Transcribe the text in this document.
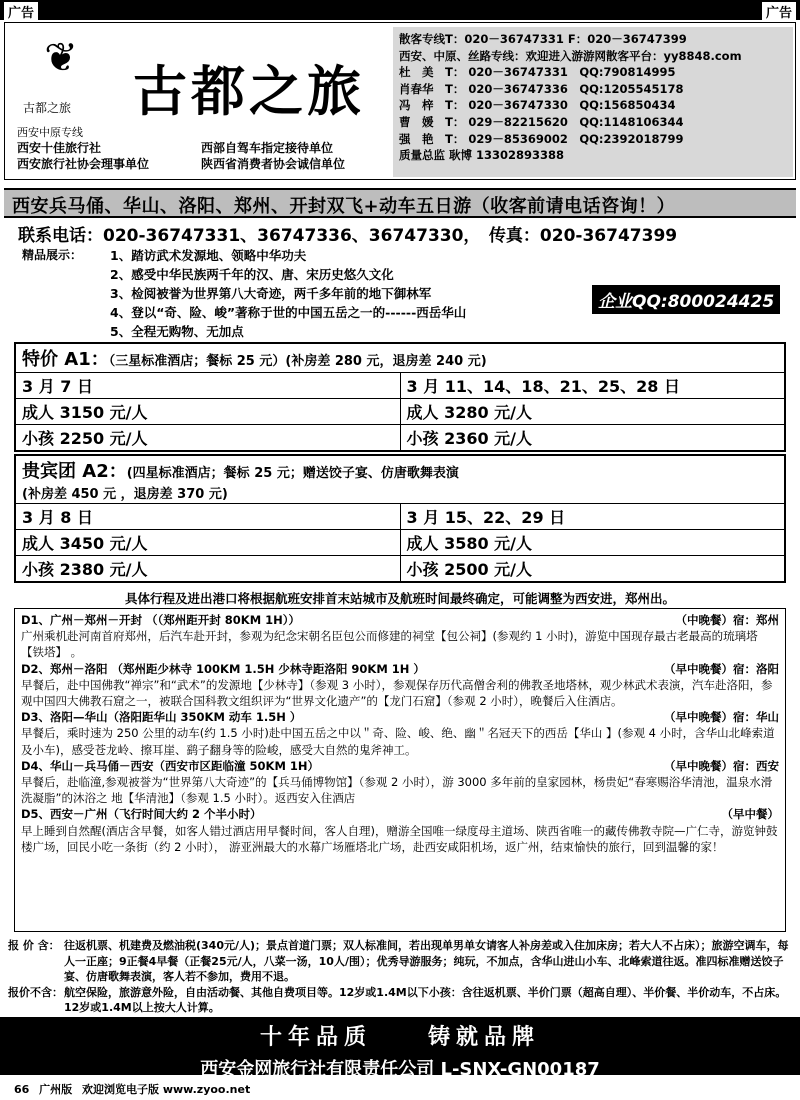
广告	广告
❦
古都之旅 古都之旅
西安中原专线
西安十佳旅行社	西部自驾车指定接待单位
西安旅行社协会理事单位	陕西省消费者协会诚信单位
散客专线T：020－36747331 F：020－36747399
西安、中原、丝路专线：欢迎进入游游网散客平台：yy8848.com
杜　美　T： 020－36747331　QQ:790814995
肖春华　T： 020－36747336　QQ:1205545178
冯　梓　T： 020－36747330　QQ:156850434
曹　媛　T： 029－82215620　QQ:1148106344
强　艳　T： 029－85369002　QQ:2392018799
质量总监 耿博 13302893388
西安兵马俑、华山、洛阳、郑州、开封双飞+动车五日游（收客前请电话咨询！）
联系电话：020-36747331、36747336、36747330，　传真：020-36747399
精品展示： 1、踏访武术发源地、领略中华功夫
2、感受中华民族两千年的汉、唐、宋历史悠久文化
3、检阅被誉为世界第八大奇迹，两千多年前的地下御林军
4、登以“奇、险、峻”著称于世的中国五岳之一的------西岳华山
5、全程无购物、无加点
企业QQ:800024425
特价 A1：（三星标准酒店；餐标 25 元）(补房差 280 元，退房差 240 元)	
3 月 7 日	3 月 11、14、18、21、25、28 日
成人 3150 元/人	成人 3280 元/人
小孩 2250 元/人	小孩 2360 元/人
贵宾团 A2：(四星标准酒店；餐标 25 元；赠送饺子宴、仿唐歌舞表演
(补房差 450 元 ，退房差 370 元)	
3 月 8 日	3 月 15、22、29 日
成人 3450 元/人	成人 3580 元/人
小孩 2380 元/人	小孩 2500 元/人
具体行程及进出港口将根据航班安排首末站城市及航班时间最终确定，可能调整为西安进，郑州出。
D1、广州－郑州－开封 （（郑州距开封 80KM 1H））	（中晚餐）宿：郑州
广州乘机赴河南首府郑州，后汽车赴开封，参观为纪念宋朝名臣包公而修建的祠堂【包公祠】(参观约 1 小时)，游览中国现存最古老最高的琉璃塔【铁塔】 。
D2、郑州－洛阳 （郑州距少林寺 100KM 1.5H 少林寺距洛阳 90KM 1H ）	（早中晚餐）宿：洛阳
早餐后，赴中国佛教“禅宗”和“武术”的发源地【少林寺】（参观 3 小时），参观保存历代高僧舍利的佛教圣地塔林，观少林武术表演，汽车赴洛阳，参观中国四大佛教石窟之一，被联合国科教文组织评为“世界文化遗产”的【龙门石窟】（参观 2 小时），晚餐后入住酒店。
D3、洛阳—华山（洛阳距华山 350KM 动车 1.5H ）	（早中晚餐）宿：华山
早餐后，乘时速为 250 公里的动车(约 1.5 小时)赴中国五岳之中以＂奇、险、峻、绝、幽＂名冠天下的西岳【华山 】(参观 4 小时，含华山北峰索道及小车)，感受苍龙岭、擦耳崖、鹞子翻身等的险峻，感受大自然的鬼斧神工。
D4、华山－兵马俑－西安（西安市区距临潼 50KM 1H）	（早中晚餐）宿：西安
早餐后，赴临潼,参观被誉为“世界第八大奇迹”的【兵马俑博物馆】（参观 2 小时），游 3000 多年前的皇家园林，杨贵妃“春寒赐浴华清池，温泉水滑洗凝脂”的沐浴之 地【华清池】（参观 1.5 小时）。返西安入住酒店
D5、西安－广州（飞行时间大约 2 个半小时）	（早中餐）
早上睡到自然醒(酒店含早餐，如客人错过酒店用早餐时间，客人自理)，赠游全国唯一绿度母主道场、陕西省唯一的藏传佛教寺院—广仁寺，游览钟鼓楼广场，回民小吃一条街（约 2 小时）， 游亚洲最大的水幕广场雁塔北广场，赴西安咸阳机场，返广州，结束愉快的旅行，回到温馨的家！
报 价 含： 往返机票、机建费及燃油税(340元/人)；景点首道门票；双人标准间，若出现单男单女请客人补房差或入住加床房；若大人不占床）；旅游空调车，每人一正座；9正餐4早餐（正餐25元/人，八菜一汤，10人/围）；优秀导游服务；纯玩，不加点，含华山进山小车、北峰索道往返。准四标准赠送饺子宴、仿唐歌舞表演，客人若不参加，费用不退。
报价不含： 航空保险，旅游意外险，自由活动餐、其他自费项目等。12岁或1.4M以下小孩：含往返机票、半价门票（超高自理）、半价餐、半价动车，不占床。12岁或1.4M以上按大人计算。
十年品质　　铸就品牌
西安金网旅行社有限责任公司 L-SNX-GN00187
66 广州版 欢迎浏览电子版 www.zyoo.net
